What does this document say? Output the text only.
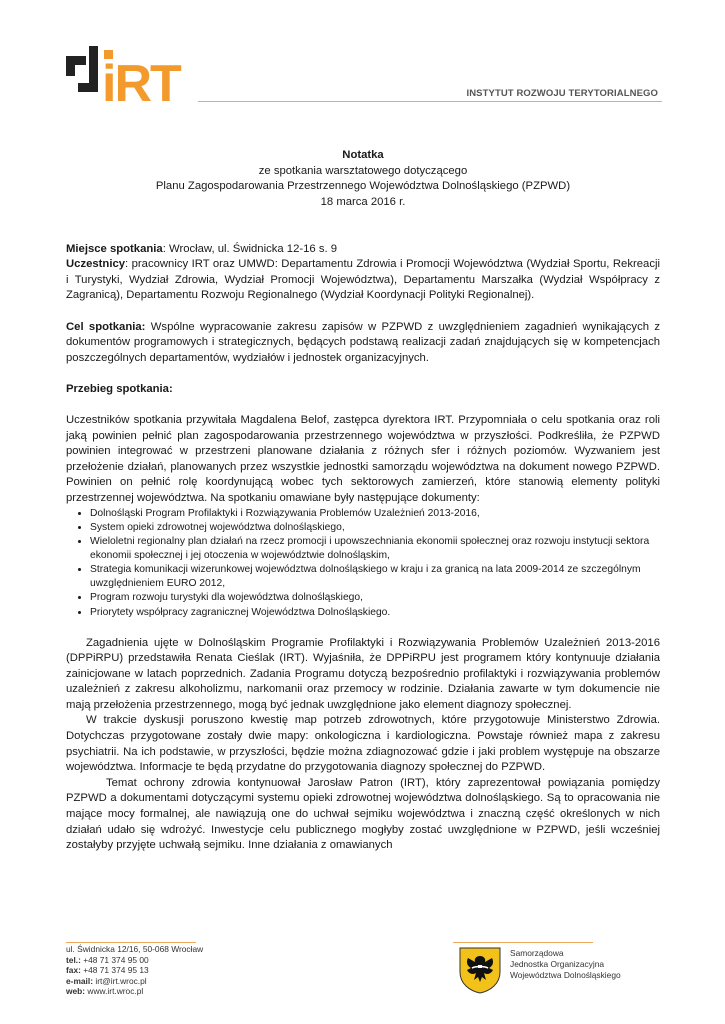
iRT	INSTYTUT ROZWOJU TERYTORIALNEGO
Notatka
ze spotkania warsztatowego dotyczącego
Planu Zagospodarowania Przestrzennego Województwa Dolnośląskiego (PZPWD)
18 marca 2016 r.

Miejsce spotkania: Wrocław, ul. Świdnicka 12-16 s. 9

Uczestnicy: pracownicy IRT oraz UMWD: Departamentu Zdrowia i Promocji Województwa (Wydział Sportu, Rekreacji i Turystyki, Wydział Zdrowia, Wydział Promocji Województwa), Departamentu Marszałka (Wydział Współpracy z Zagranicą), Departamentu Rozwoju Regionalnego (Wydział Koordynacji Polityki Regionalnej).

Cel spotkania: Wspólne wypracowanie zakresu zapisów w PZPWD z uwzględnieniem zagadnień wynikających z dokumentów programowych i strategicznych, będących podstawą realizacji zadań znajdujących się w kompetencjach poszczególnych departamentów, wydziałów i jednostek organizacyjnych.

Przebieg spotkania:

Uczestników spotkania przywitała Magdalena Belof, zastępca dyrektora IRT. Przypomniała o celu spotkania oraz roli jaką powinien pełnić plan zagospodarowania przestrzennego województwa w przyszłości. Podkreśliła, że PZPWD powinien integrować w przestrzeni planowane działania z różnych sfer i różnych poziomów. Wyzwaniem jest przełożenie działań, planowanych przez wszystkie jednostki samorządu województwa na dokument nowego PZPWD. Powinien on pełnić rolę koordynującą wobec tych sektorowych zamierzeń, które stanowią elementy polityki przestrzennej województwa. Na spotkaniu omawiane były następujące dokumenty:

• Dolnośląski Program Profilaktyki i Rozwiązywania Problemów Uzależnień 2013-2016,
• System opieki zdrowotnej województwa dolnośląskiego,
• Wieloletni regionalny plan działań na rzecz promocji i upowszechniania ekonomii społecznej oraz rozwoju instytucji sektora ekonomii społecznej i jej otoczenia w województwie dolnośląskim,
• Strategia komunikacji wizerunkowej województwa dolnośląskiego w kraju i za granicą na lata 2009-2014 ze szczególnym uwzględnieniem EURO 2012,
• Program rozwoju turystyki dla województwa dolnośląskiego,
• Priorytety współpracy zagranicznej Województwa Dolnośląskiego.

Zagadnienia ujęte w Dolnośląskim Programie Profilaktyki i Rozwiązywania Problemów Uzależnień 2013-2016 (DPPiRPU) przedstawiła Renata Cieślak (IRT). Wyjaśniła, że DPPiRPU jest programem który kontynuuje działania zainicjowane w latach poprzednich. Zadania Programu dotyczą bezpośrednio profilaktyki i rozwiązywania problemów uzależnień z zakresu alkoholizmu, narkomanii oraz przemocy w rodzinie. Działania zawarte w tym dokumencie nie mają przełożenia przestrzennego, mogą być jednak uwzględnione jako element diagnozy społecznej.

W trakcie dyskusji poruszono kwestię map potrzeb zdrowotnych, które przygotowuje Ministerstwo Zdrowia. Dotychczas przygotowane zostały dwie mapy: onkologiczna i kardiologiczna. Powstaje również mapa z zakresu psychiatrii. Na ich podstawie, w przyszłości, będzie można zdiagnozować gdzie i jaki problem występuje na obszarze województwa. Informacje te będą przydatne do przygotowania diagnozy społecznej do PZPWD.

Temat ochrony zdrowia kontynuował Jarosław Patron (IRT), który zaprezentował powiązania pomiędzy PZPWD a dokumentami dotyczącymi systemu opieki zdrowotnej województwa dolnośląskiego. Są to opracowania nie mające mocy formalnej, ale nawiązują one do uchwał sejmiku województwa i znaczną część określonych w nich działań udało się wdrożyć. Inwestycje celu publicznego mogłyby zostać uwzględnione w PZPWD, jeśli wcześniej zostałyby przyjęte uchwałą sejmiku. Inne działania z omawianych

ul. Świdnicka 12/16, 50-068 Wrocław
tel.: +48 71 374 95 00
fax: +48 71 374 95 13
e-mail: irt@irt.wroc.pl
web: www.irt.wroc.pl
Samorządowa
Jednostka Organizacyjna
Województwa Dolnośląskiego
